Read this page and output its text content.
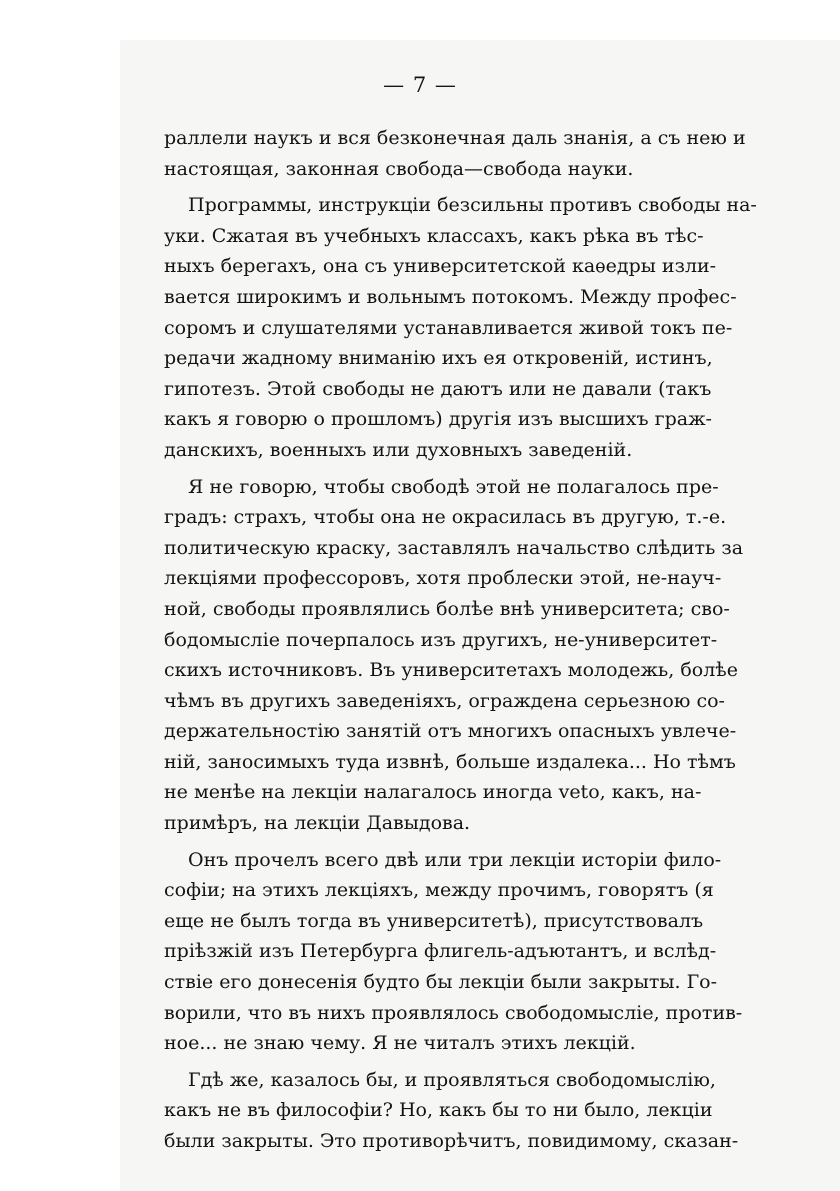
— 7 —
раллели наукъ и вся безконечная даль знанія, а съ нею и
настоящая, законная свобода—свобода науки.
Программы, инструкціи безсильны противъ свободы на-
уки. Сжатая въ учебныхъ классахъ, какъ рѣка въ тѣс-
ныхъ берегахъ, она съ университетской каѳедры изли-
вается широкимъ и вольнымъ потокомъ. Между профес-
соромъ и слушателями устанавливается живой токъ пе-
редачи жадному вниманію ихъ ея откровеній, истинъ,
гипотезъ. Этой свободы не даютъ или не давали (такъ
какъ я говорю о прошломъ) другія изъ высшихъ граж-
данскихъ, военныхъ или духовныхъ заведеній.
Я не говорю, чтобы свободѣ этой не полагалось пре-
градъ: страхъ, чтобы она не окрасилась въ другую, т.-е.
политическую краску, заставлялъ начальство слѣдить за
лекціями профессоровъ, хотя проблески этой, не-науч-
ной, свободы проявлялись болѣе внѣ университета; сво-
бодомысліе почерпалось изъ другихъ, не-университет-
скихъ источниковъ. Въ университетахъ молодежь, болѣе
чѣмъ въ другихъ заведеніяхъ, ограждена серьезною со-
держательностію занятій отъ многихъ опасныхъ увлече-
ній, заносимыхъ туда извнѣ, больше издалека... Но тѣмъ
не менѣе на лекціи налагалось иногда veto, какъ, на-
примѣръ, на лекціи Давыдова.
Онъ прочелъ всего двѣ или три лекціи исторіи фило-
софіи; на этихъ лекціяхъ, между прочимъ, говорятъ (я
еще не былъ тогда въ университетѣ), присутствовалъ
пріѣзжій изъ Петербурга флигель-адъютантъ, и вслѣд-
ствіе его донесенія будто бы лекціи были закрыты. Го-
ворили, что въ нихъ проявлялось свободомысліе, против-
ное... не знаю чему. Я не читалъ этихъ лекцій.
Гдѣ же, казалось бы, и проявляться свободомыслію,
какъ не въ философіи? Но, какъ бы то ни было, лекціи
были закрыты. Это противорѣчитъ, повидимому, сказан-
